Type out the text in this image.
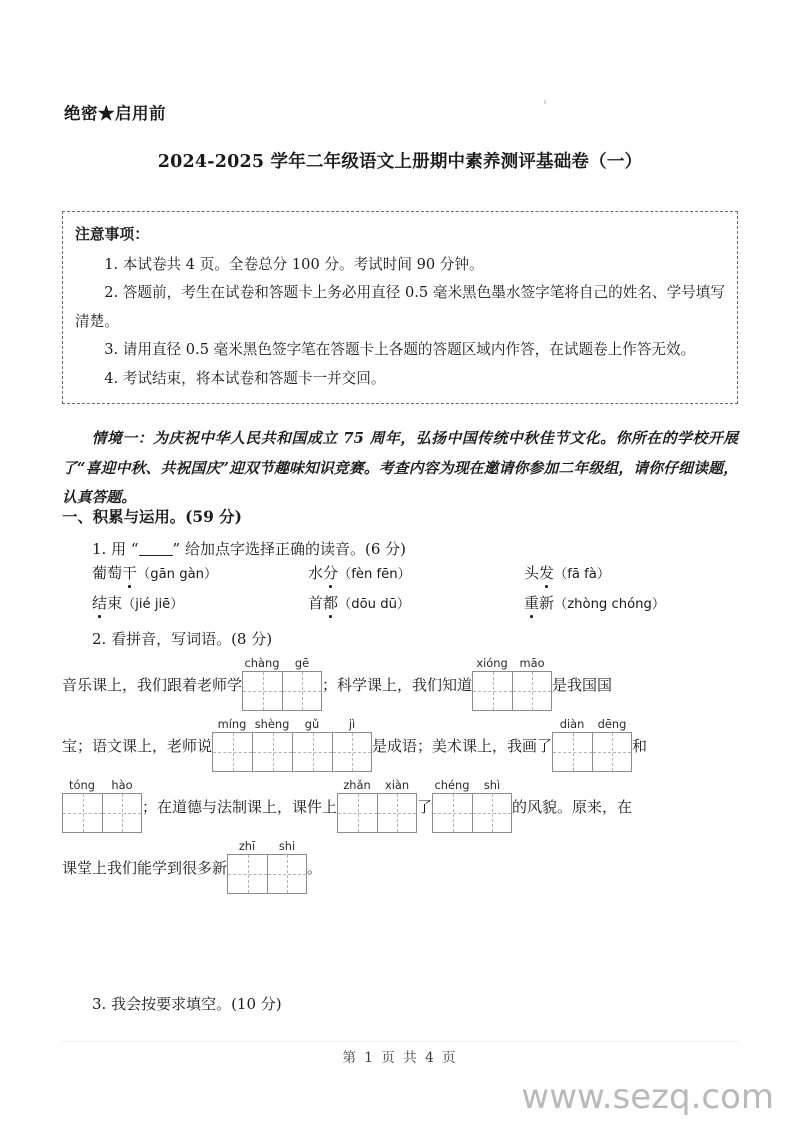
绝密★启用前
2024-2025 学年二年级语文上册期中素养测评基础卷（一）
注意事项：
1. 本试卷共 4 页。全卷总分 100 分。考试时间 90 分钟。
2. 答题前，考生在试卷和答题卡上务必用直径 0.5 毫米黑色墨水签字笔将自己的姓名、学号填写清楚。
3. 请用直径 0.5 毫米黑色签字笔在答题卡上各题的答题区域内作答，在试题卷上作答无效。
4. 考试结束，将本试卷和答题卡一并交回。
情境一：为庆祝中华人民共和国成立 75 周年，弘扬中国传统中秋佳节文化。你所在的学校开展了“喜迎中秋、共祝国庆”迎双节趣味知识竞赛。考查内容为现在邀请你参加二年级组，请你仔细读题，认真答题。
一、积累与运用。(59 分)
1. 用 “ ” 给加点字选择正确的读音。(6 分)
葡萄干（gān gàn）	水分（fèn fēn）	头发（fā fà）
结束（jié jiē）	首都（dōu dū）	重新（zhòng chóng）
2. 看拼音，写词语。(8 分)
音乐课上，我们跟着老师学
chàng	gē
；科学课上，我们知道
xióng	māo
是我国国
宝；语文课上，老师说
míng shèng	gǔ	jì
是成语；美术课上，我画了
diàn	dēng
和
tóng	hào
；在道德与法制课上，课件上
zhǎn	xiàn
了
chéng	shì
的风貌。原来，在
课堂上我们能学到很多新
zhī	shi
。
3. 我会按要求填空。(10 分)
第 1 页 共 4 页
www.sezq.com
